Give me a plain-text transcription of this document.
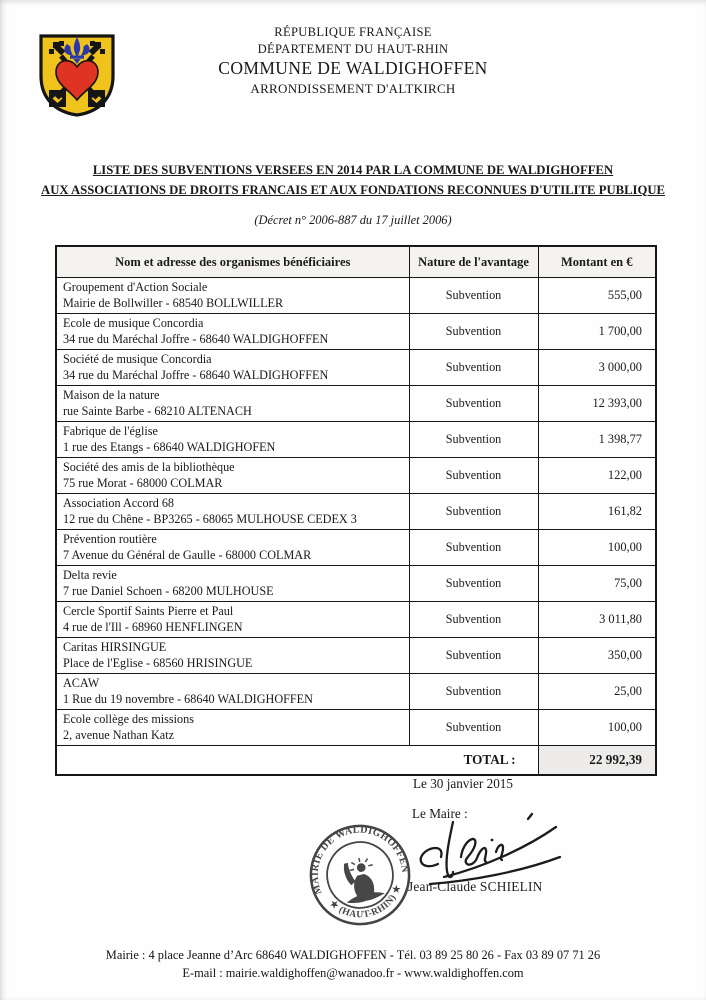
RÉPUBLIQUE FRANÇAISE
DÉPARTEMENT DU HAUT-RHIN
COMMUNE DE WALDIGHOFFEN
ARRONDISSEMENT D'ALTKIRCH
LISTE DES SUBVENTIONS VERSEES EN 2014 PAR LA COMMUNE DE WALDIGHOFFEN
AUX ASSOCIATIONS DE DROITS FRANCAIS ET AUX FONDATIONS RECONNUES D'UTILITE PUBLIQUE
(Décret n° 2006-887 du 17 juillet 2006)
Nom et adresse des organismes bénéficiaires	Nature de l'avantage	Montant en €

Groupement d'Action Sociale
Mairie de Bollwiller - 68540 BOLLWILLER	Subvention	555,00

Ecole de musique Concordia
34 rue du Maréchal Joffre - 68640 WALDIGHOFFEN	Subvention	1 700,00

Société de musique Concordia
34 rue du Maréchal Joffre - 68640 WALDIGHOFFEN	Subvention	3 000,00

Maison de la nature
rue Sainte Barbe - 68210 ALTENACH	Subvention	12 393,00

Fabrique de l'église
1 rue des Etangs - 68640 WALDIGHOFEN	Subvention	1 398,77

Société des amis de la bibliothèque
75 rue Morat - 68000 COLMAR	Subvention	122,00

Association Accord 68
12 rue du Chêne - BP3265 - 68065 MULHOUSE CEDEX 3	Subvention	161,82

Prévention routière
7 Avenue du Général de Gaulle - 68000 COLMAR	Subvention	100,00

Delta revie
7 rue Daniel Schoen - 68200 MULHOUSE	Subvention	75,00

Cercle Sportif Saints Pierre et Paul
4 rue de l'Ill - 68960 HENFLINGEN	Subvention	3 011,80

Caritas HIRSINGUE
Place de l'Eglise - 68560 HRISINGUE	Subvention	350,00

ACAW
1 Rue du 19 novembre - 68640 WALDIGHOFFEN	Subvention	25,00

Ecole collège des missions
2, avenue Nathan Katz	Subvention	100,00
TOTAL :		22 992,39
Le 30 janvier 2015
Le Maire :
Jean-Claude SCHIELIN
MAIRIE DE WALDIGHOFFEN
★ (HAUT-RHIN) ★
Mairie : 4 place Jeanne d’Arc 68640 WALDIGHOFFEN - Tél. 03 89 25 80 26 - Fax 03 89 07 71 26
E-mail : mairie.waldighoffen@wanadoo.fr - www.waldighoffen.com
